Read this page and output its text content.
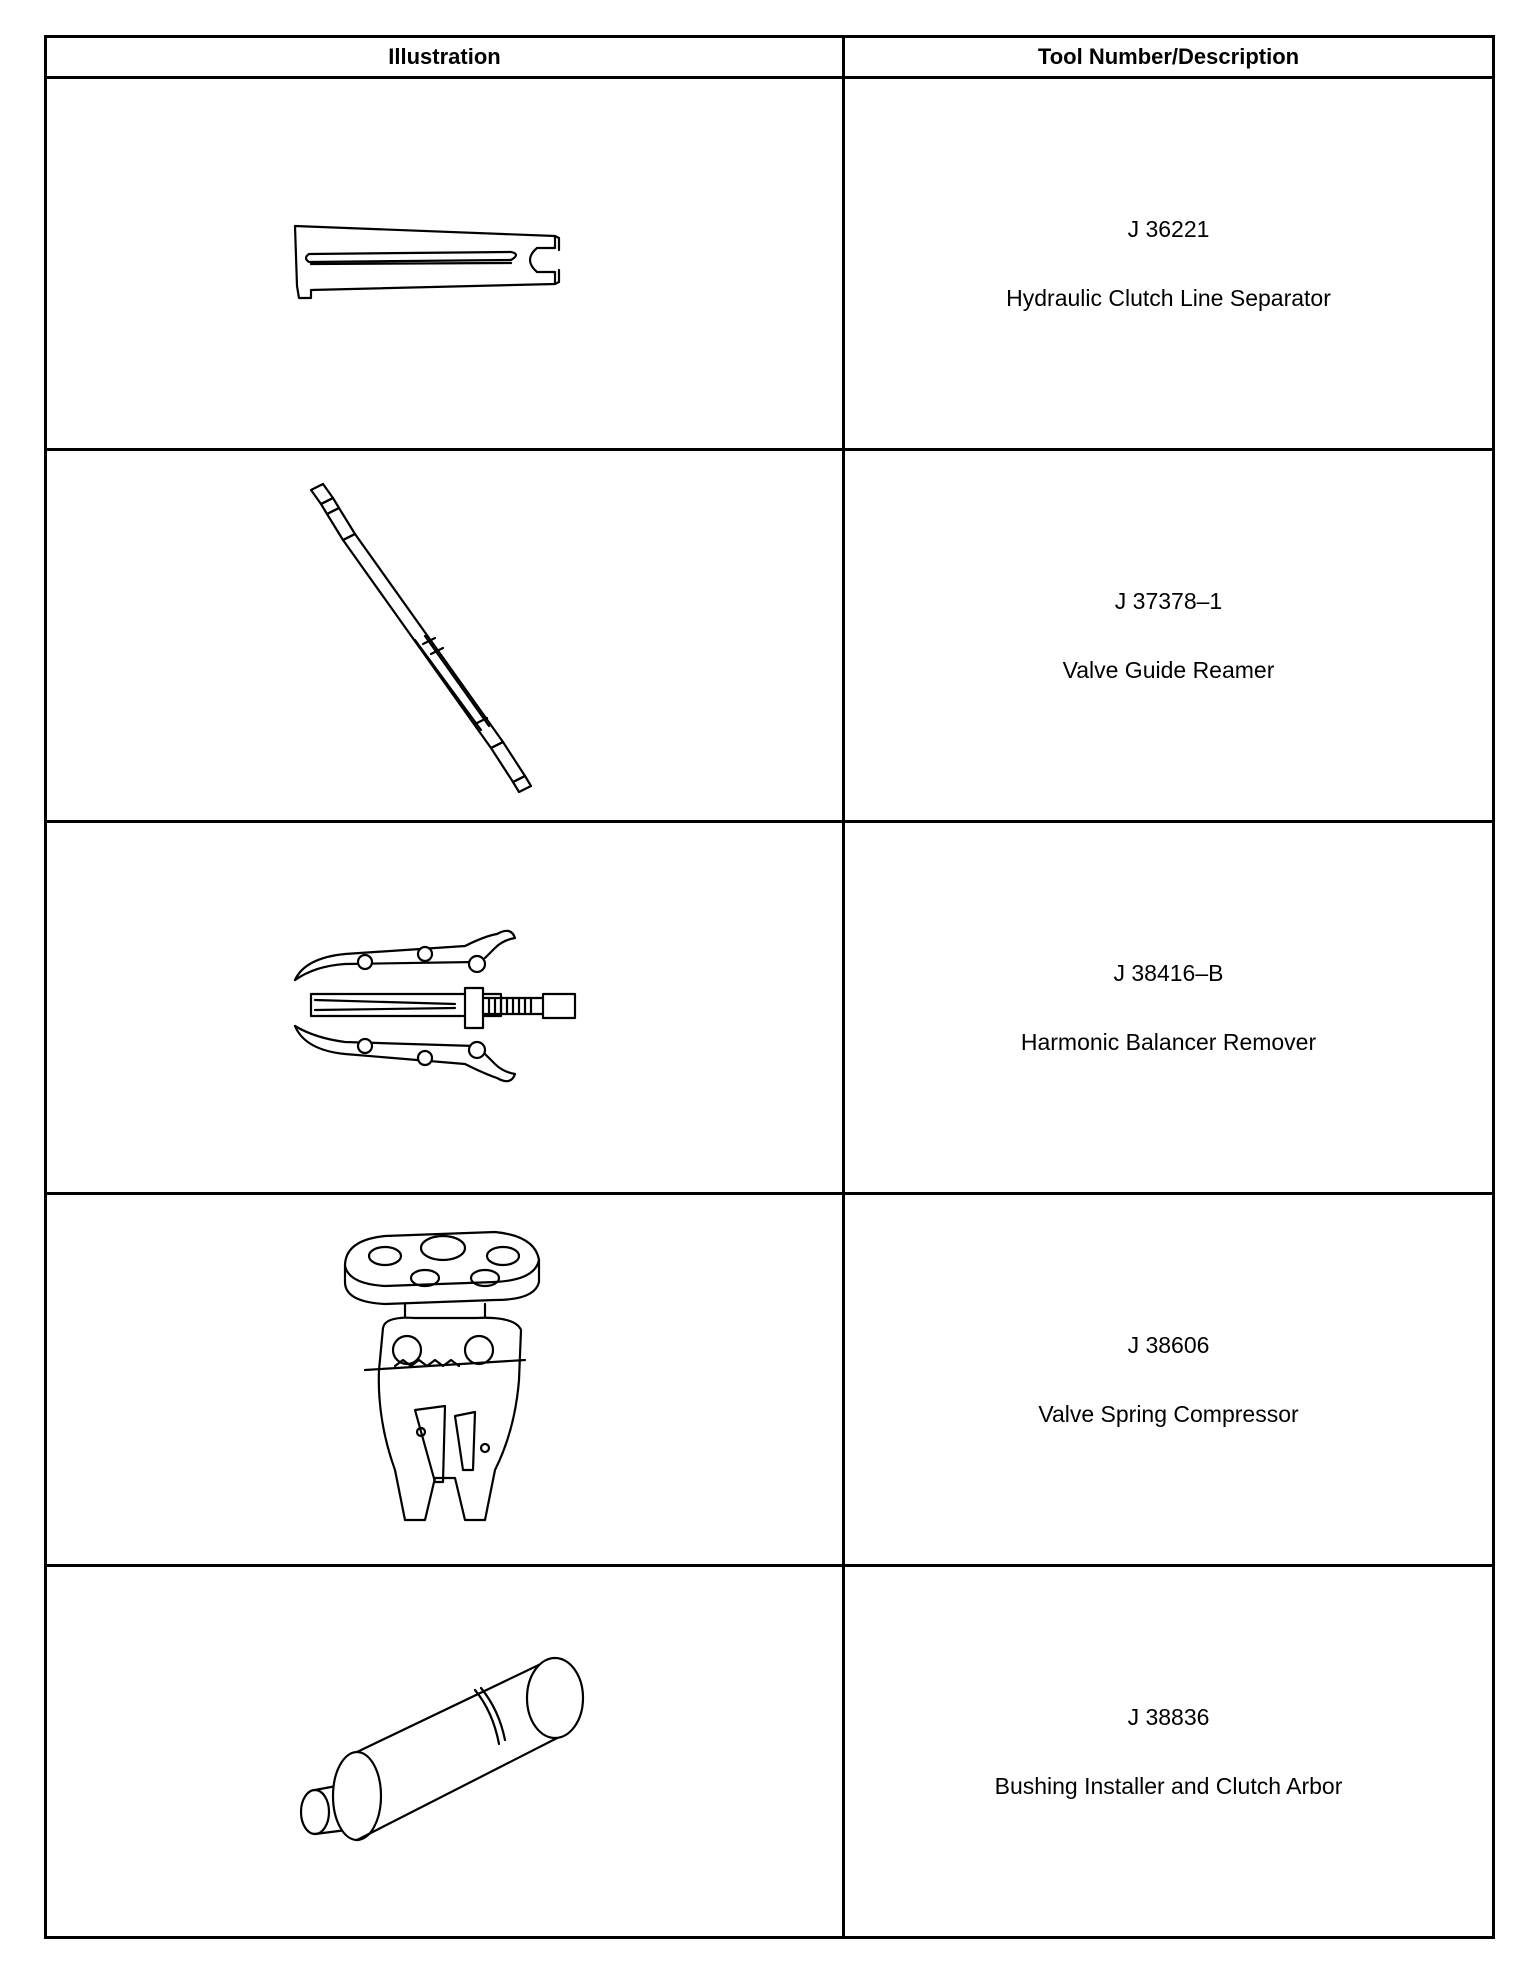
Illustration	Tool Number/Description

J 36221
Hydraulic Clutch Line Separator

J 37378–1
Valve Guide Reamer

J 38416–B
Harmonic Balancer Remover

J 38606
Valve Spring Compressor

J 38836
Bushing Installer and Clutch Arbor
